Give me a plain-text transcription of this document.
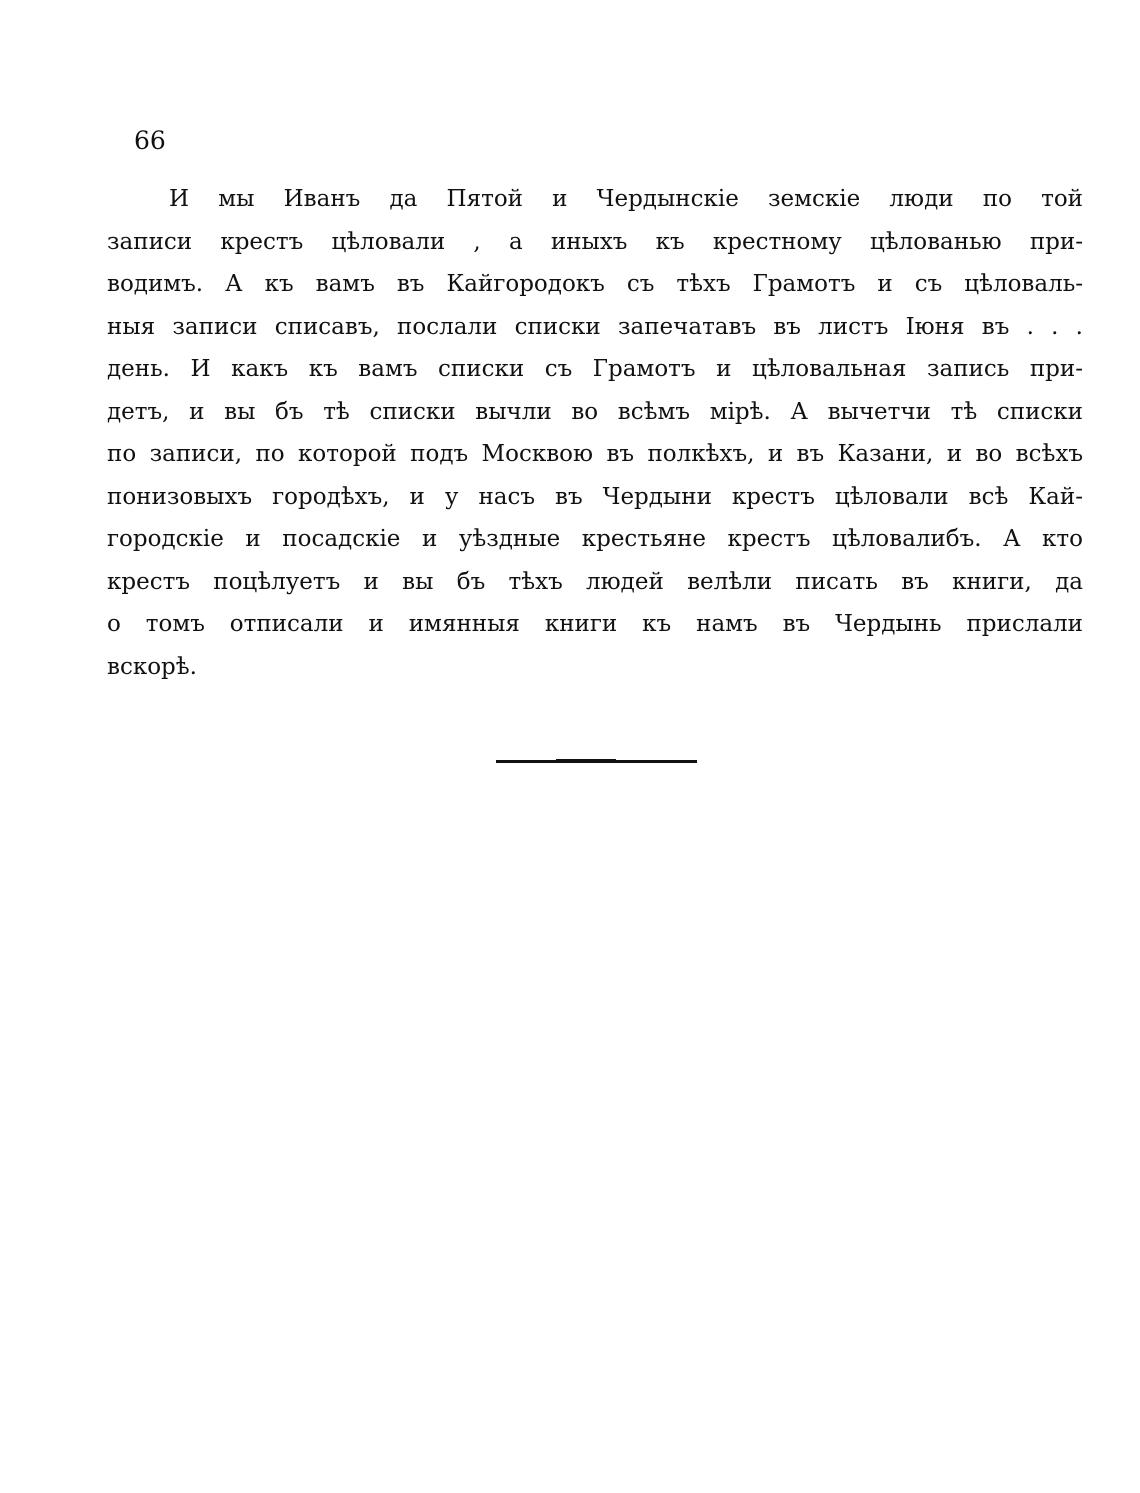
66
И мы Иванъ да Пятой и Чердынскіе земскіе люди по той
записи крестъ цѣловали , а иныхъ къ крестному цѣлованью при-
водимъ. А къ вамъ въ Кайгородокъ съ тѣхъ Грамотъ и съ цѣловаль-
ныя записи списавъ, послали списки запечатавъ въ листъ Іюня въ . . .
день. И какъ къ вамъ списки съ Грамотъ и цѣловальная запись при-
детъ, и вы бъ тѣ списки вычли во всѣмъ мірѣ. А вычетчи тѣ списки
по записи, по которой подъ Москвою въ полкѣхъ, и въ Казани, и во всѣхъ
понизовыхъ городѣхъ, и у насъ въ Чердыни крестъ цѣловали всѣ Кай-
городскіе и посадскіе и уѣздные крестьяне крестъ цѣловалибъ. А кто
крестъ поцѣлуетъ и вы бъ тѣхъ людей велѣли писать въ книги, да
о томъ отписали и имянныя книги къ намъ въ Чердынь прислали
вскорѣ.
